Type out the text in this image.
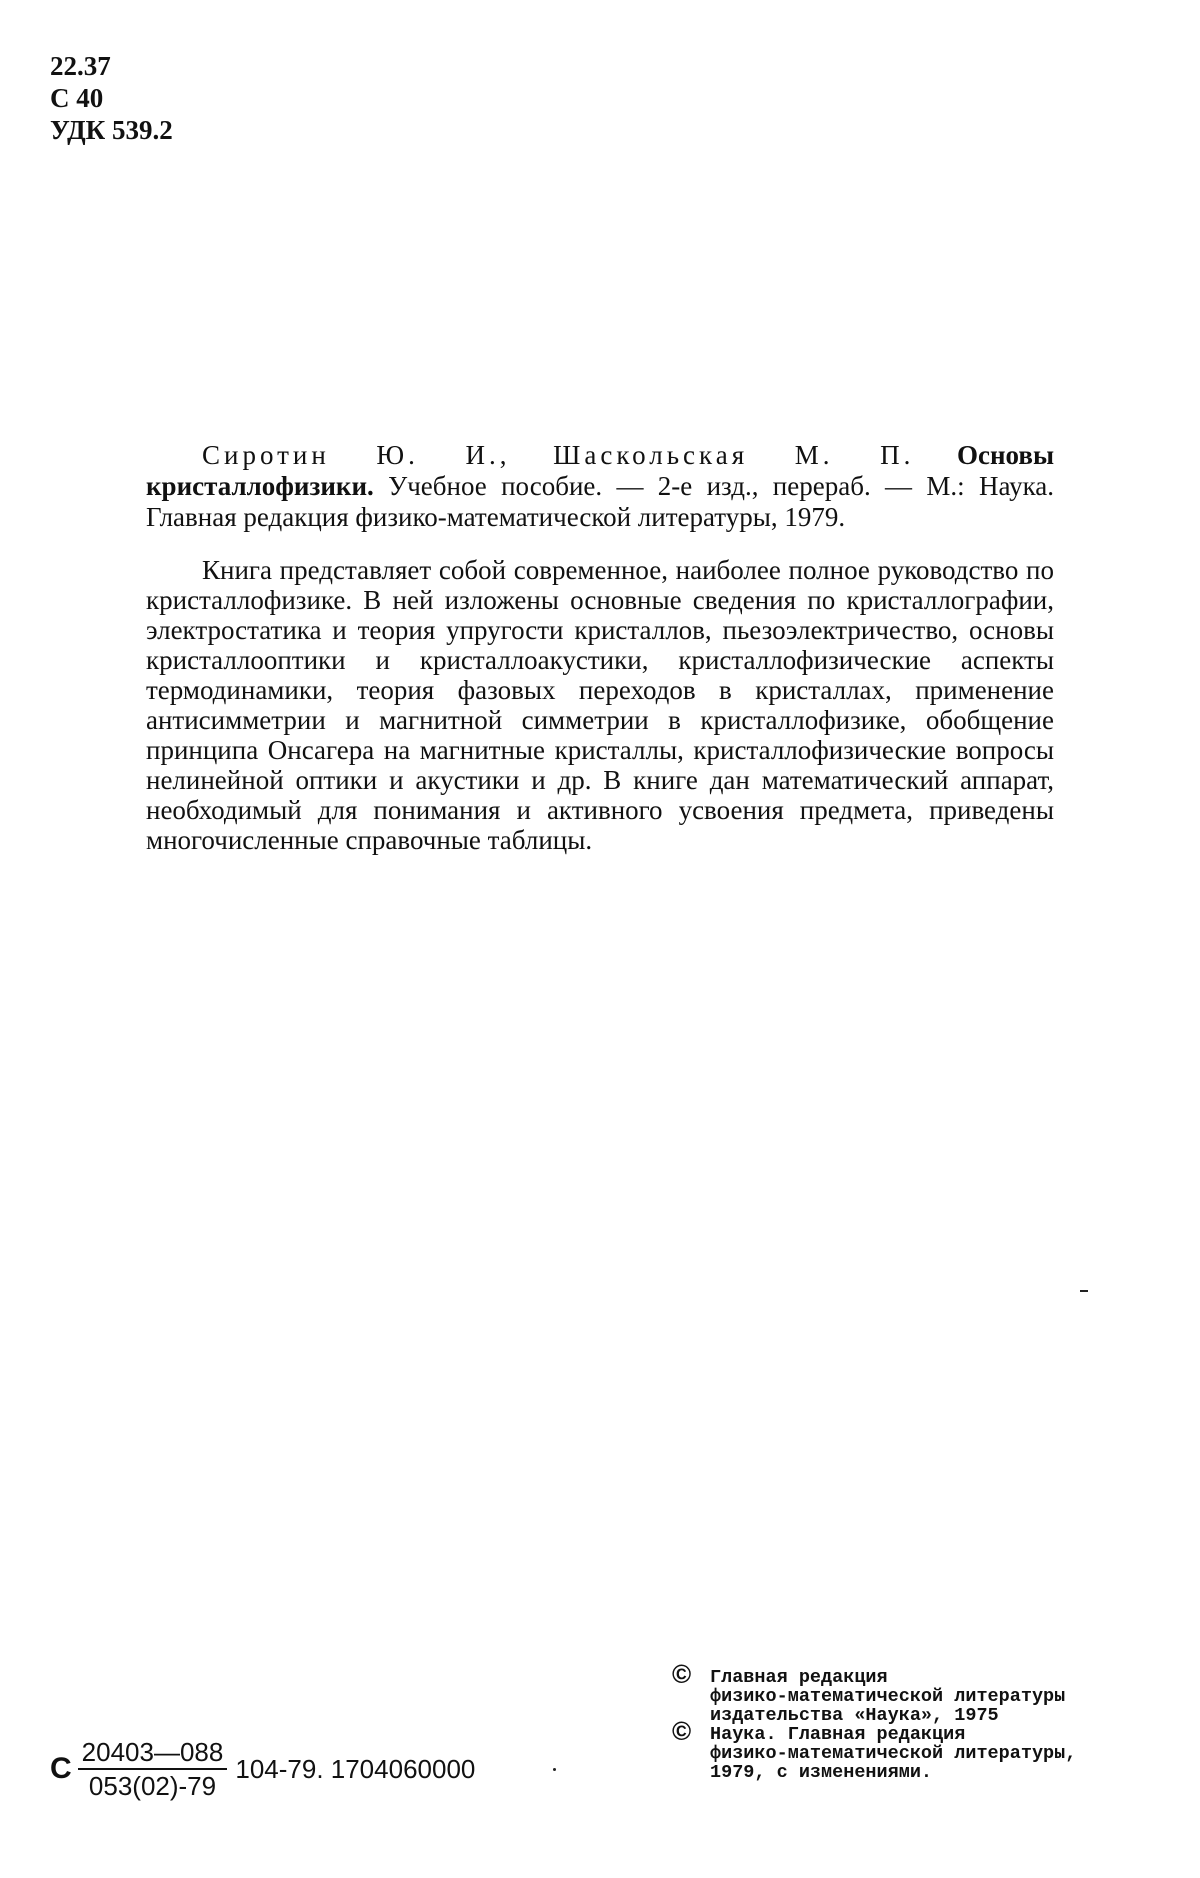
22.37
С 40
УДК 539.2
Сиротин Ю. И., Шаскольская М. П. Основы кристаллофизики. Учебное пособие. — 2-е изд., перераб. — М.: Наука. Главная редакция физико-математической литературы, 1979.
Книга представляет собой современное, наиболее полное руководство по кристаллофизике. В ней изложены основные сведения по кристаллографии, электростатика и теория упругости кристаллов, пьезоэлектричество, основы кристаллооптики и кристаллоакустики, кристаллофизические аспекты термодинамики, теория фазовых переходов в кристаллах, применение антисимметрии и магнитной симметрии в кристаллофизике, обобщение принципа Онсагера на магнитные кристаллы, кристаллофизические вопросы нелинейной оптики и акустики и др. В книге дан математический аппарат, необходимый для понимания и активного усвоения предмета, приведены многочисленные справочные таблицы.
© Главная редакция
физико-математической литературы
издательства «Наука», 1975
© Наука. Главная редакция
физико-математической литературы,
1979, с изменениями.
С $\frac{20403—088}{053(02)-79} 104-79$. 1704060000
